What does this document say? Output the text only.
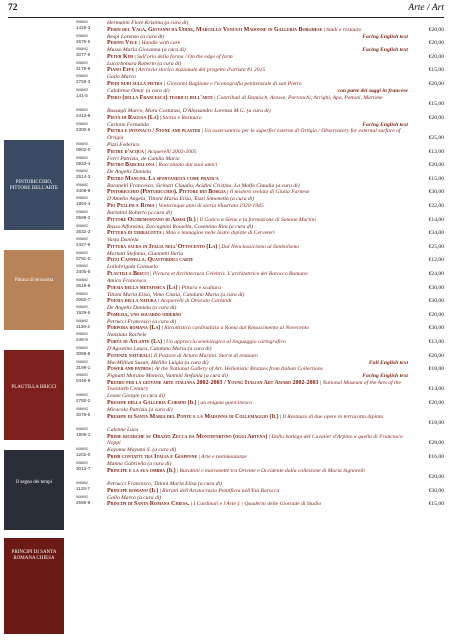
72	Arte / Art
PINTORICCHIO, PITTORE DELL'ARTE
Pittura di terracotta
PLAUTILLA BRICCI
Il segno dei tempi
PRINCIPI DI SANTA ROMANA CHIESA
906692
1425-3
Hermanin Fiore Kristina (a cura di)
Perin del Vaga, Giovanni da Udine, Marcello Venusti Madonne in Galleria Borghese | Studi e restauro	€20,00
906692
2675-5
Respi Lorenzo (a cura di)
Perino Vele | Handle with care
Facing English text
€20,00
906692
3077-6
Musso Maria Giovanna (a cura di)
Peter Kim | Sull'orlo della forma / On the edge of form
Facing English text
€20,00
906692
3178-6
Lucarbonara Roberto (a cura di)
Piano Effe | Archivio storico nazionale del progetto d'artista #1 2015	€15,00
906692
2758-3
Gallo Marco
Piedi nudi sulla pietra | Giovanni Baglione e l'iconografia penitenziale di san Pietro	€20,00
906692
141-5
Calabrese Omar (a cura di)
Piero (della Francesca) teorico dell'arte | Contributi di Damisch, Arasse, Parronchi, Arrighi, Apa, Pettoni, Martone
con parte dei saggi in francese
€15,00
906692
2413-9
Bussagli Marco, Mora Costanza, D'Alessandro Lorenza M.G. (a cura di)
Pietà di Ragusa (La) | Storia e Restauro	€20,00
906692
2300-6
Cartone Fernanda
Pietra e intonaco / Stone and plaster | Un osservatorio per le superfici esterne di Ortigia / Observatory for external surface of Ortigia
Facing English text
€25,00
906692
0902-0
Pizzi Federico
Pietre d'acqua | Acquerelli 2002-2005	€12,00
906692
0933-4
Ferri Patrizia, de Candia Mario
Pietro Barcellona | Raccontato dai suoi amici	€20,00
906692
2514-3
De Angelis Daniela
Pietro Mancini. La spontaneità come pratica	€15,00
906692
3408-9
Buranelli Francesco, Sirinari Claudio, Acidini Cristina, La Malfa Claudia (a cura di)
Pintoricchio (Pinturicchio). Pittore dei Borgia | Il mistero svelato di Giulia Farnese	€30,00
906692
1894-4
D'Amelio Angela, Tittoni Maria Elisa, Tozzi Simonetta (a cura di)
Pio Pullini e Roma | Venticinque anni di storia illustrata 1920-1945	€22,00
906692
0599-2
Bartalini Roberto (a cura di)
Pittore Oltremontano di Assisi (Il) | Il Gotico a Siena e la formazione di Simone Martini	€14,00
906692
3632-3
Russo Alfonsina, Zaccagnini Rossella, Cosentino Rita (a cura di)
Pittura di terracotta | Mito e immagine nelle lastre dipinte di Cerveteri	€34,00
906692
2427-6
Vasta Daniela
Pittura sacra in Italia nell'Ottocento (La) | Dal Neoclassicismo al Simbolismo	€25,00
906692
0791-0
Mornati Stefania, Giannetti Ilaria
Pizzi Cannella. Quattordici carte	€12,00
906692
3405-8
Lollobrigida Consuelo
Plautilla Bricci | Pictura et Architectura Celebris. L'architettrice del Barocco Romano	€24,00
906692
2618-8
Amico Francesco
Poesia della metafisica (La) | Pittura e scultura	€30,00
906692
2082-7
Tittoni Maria Elisa, Vimo Cinzia, Catalano Maria (a cura di)
Poesia della natura | Acquerelli di Onorato Carlandi	€30,00
906692
1929-6
De Angelis Daniela (a cura di)
Pomezia, uno sguardo odierno	€20,00
906692
1138-2
Petrucci Francesco (a cura di)
Porpora romana (La) | Ritrattistica cardinalizia a Roma dal Rinascimento al Novecento	€30,00
906692
248-9
Nanziata Rachele
Porta di Atlante (La) | Un approccio semiologico al linguaggio cartografico	€13,00
906692
3088-8
D'Agostino Laura, Catalano Maria (a cura di)
Potenze naturali | Il Pastore di Arturo Martini. Storie di restauro	€20,00
906692
3199-1
MacMillian Susan, Melillo Luigia (a cura di)
Power and pathos | At the National Gallery of Art. Hellenistic Bronzes from Italian Collections
Full English text
€18,00
906692
0448-9
Pignatti Morano Monica, Vannini Stefania (a cura di)
Premio per la giovane arte italiana 2002-2003 / Young Italian Art Award 2002-2003 | National Museum of the Arts of the Twentieth Century
Facing English text
€14,00
906692
2780-2
Leone Giorgio (a cura di)
Presepe della Galleria Corsini (Il) | un enigma guercinesco	€20,00
906692
3078-5
Miracola Patrizia (a cura di)
Presepe di Santa Maria del Ponte e la Madonna di Collemaggio (Il) | Il Restauro di due opere in terracotta dipinta
€18,00
906692
1906-1
Calenne Luca
Prime ricerche su Orazio Zecca da Montefortino (oggi Artena) | Dalla bottega del Cavalier d'Arpino a quella di Francesco Noppi	€28,00
906692
1202-0
Koyama Mayumi S. (a cura di)
Primi contatti tra Italia e Giappone | Arte e testimonianze	€16,00
906692
3013-7
Manna Gabriella (a cura di)
Principe e la sua ombra (Il) | Burattini e marionette tra Oriente e Occidente dalla collezione di Maria Signorelli
€20,00
906692
1128-7
Petrucci Francesco, Tittoni Maria Elisa (a cura di)
Principe romano (Il) | Ritratti dell'Aristocrazia Pontificia nell'Età Barocca	€30,00
906692
2596-9
Gallo Marco (a cura di)
Principi di Santa Romana Chiesa. | I Cardinali e l'Arte 1 | Quaderni delle Giornate di Studio	€15,00
